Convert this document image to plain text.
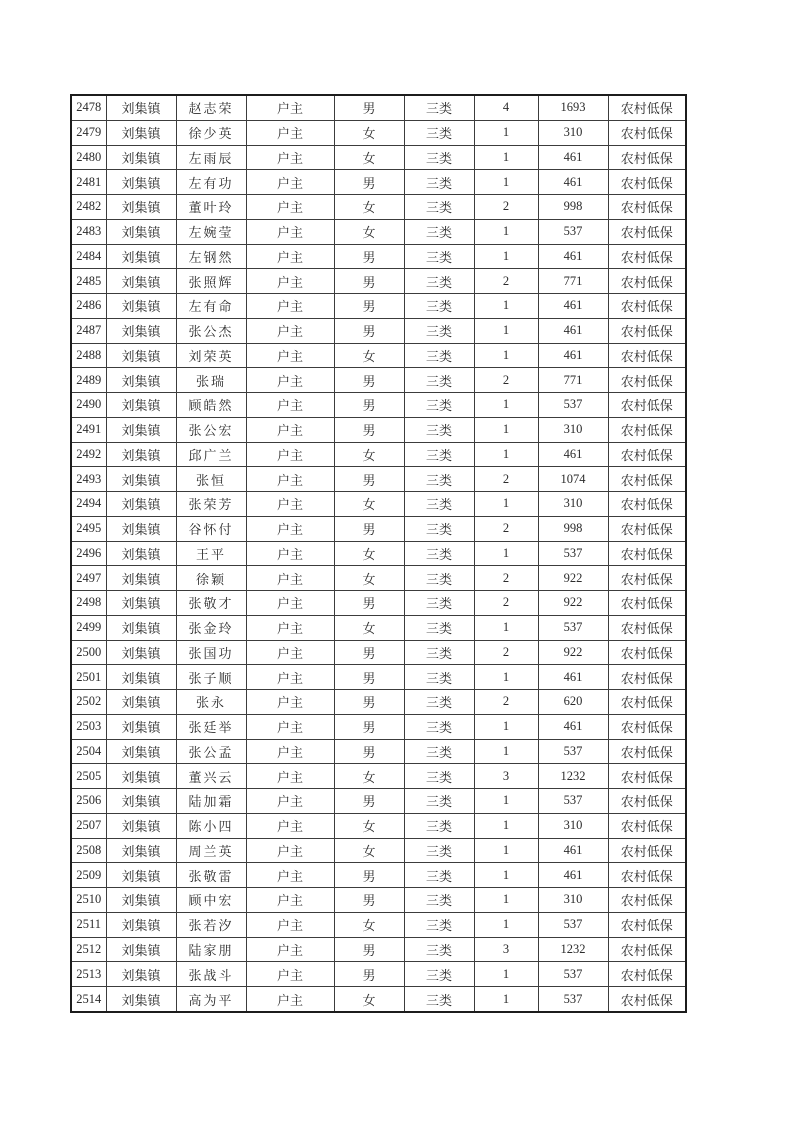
2478	刘集镇	赵志荣	户主	男	三类	4	1693	农村低保
2479	刘集镇	徐少英	户主	女	三类	1	310	农村低保
2480	刘集镇	左雨辰	户主	女	三类	1	461	农村低保
2481	刘集镇	左有功	户主	男	三类	1	461	农村低保
2482	刘集镇	董叶玲	户主	女	三类	2	998	农村低保
2483	刘集镇	左婉莹	户主	女	三类	1	537	农村低保
2484	刘集镇	左钢然	户主	男	三类	1	461	农村低保
2485	刘集镇	张照辉	户主	男	三类	2	771	农村低保
2486	刘集镇	左有命	户主	男	三类	1	461	农村低保
2487	刘集镇	张公杰	户主	男	三类	1	461	农村低保
2488	刘集镇	刘荣英	户主	女	三类	1	461	农村低保
2489	刘集镇	张瑞	户主	男	三类	2	771	农村低保
2490	刘集镇	顾皓然	户主	男	三类	1	537	农村低保
2491	刘集镇	张公宏	户主	男	三类	1	310	农村低保
2492	刘集镇	邱广兰	户主	女	三类	1	461	农村低保
2493	刘集镇	张恒	户主	男	三类	2	1074	农村低保
2494	刘集镇	张荣芳	户主	女	三类	1	310	农村低保
2495	刘集镇	谷怀付	户主	男	三类	2	998	农村低保
2496	刘集镇	王平	户主	女	三类	1	537	农村低保
2497	刘集镇	徐颖	户主	女	三类	2	922	农村低保
2498	刘集镇	张敬才	户主	男	三类	2	922	农村低保
2499	刘集镇	张金玲	户主	女	三类	1	537	农村低保
2500	刘集镇	张国功	户主	男	三类	2	922	农村低保
2501	刘集镇	张子顺	户主	男	三类	1	461	农村低保
2502	刘集镇	张永	户主	男	三类	2	620	农村低保
2503	刘集镇	张廷举	户主	男	三类	1	461	农村低保
2504	刘集镇	张公孟	户主	男	三类	1	537	农村低保
2505	刘集镇	董兴云	户主	女	三类	3	1232	农村低保
2506	刘集镇	陆加霜	户主	男	三类	1	537	农村低保
2507	刘集镇	陈小四	户主	女	三类	1	310	农村低保
2508	刘集镇	周兰英	户主	女	三类	1	461	农村低保
2509	刘集镇	张敬雷	户主	男	三类	1	461	农村低保
2510	刘集镇	顾中宏	户主	男	三类	1	310	农村低保
2511	刘集镇	张若汐	户主	女	三类	1	537	农村低保
2512	刘集镇	陆家朋	户主	男	三类	3	1232	农村低保
2513	刘集镇	张战斗	户主	男	三类	1	537	农村低保
2514	刘集镇	高为平	户主	女	三类	1	537	农村低保
